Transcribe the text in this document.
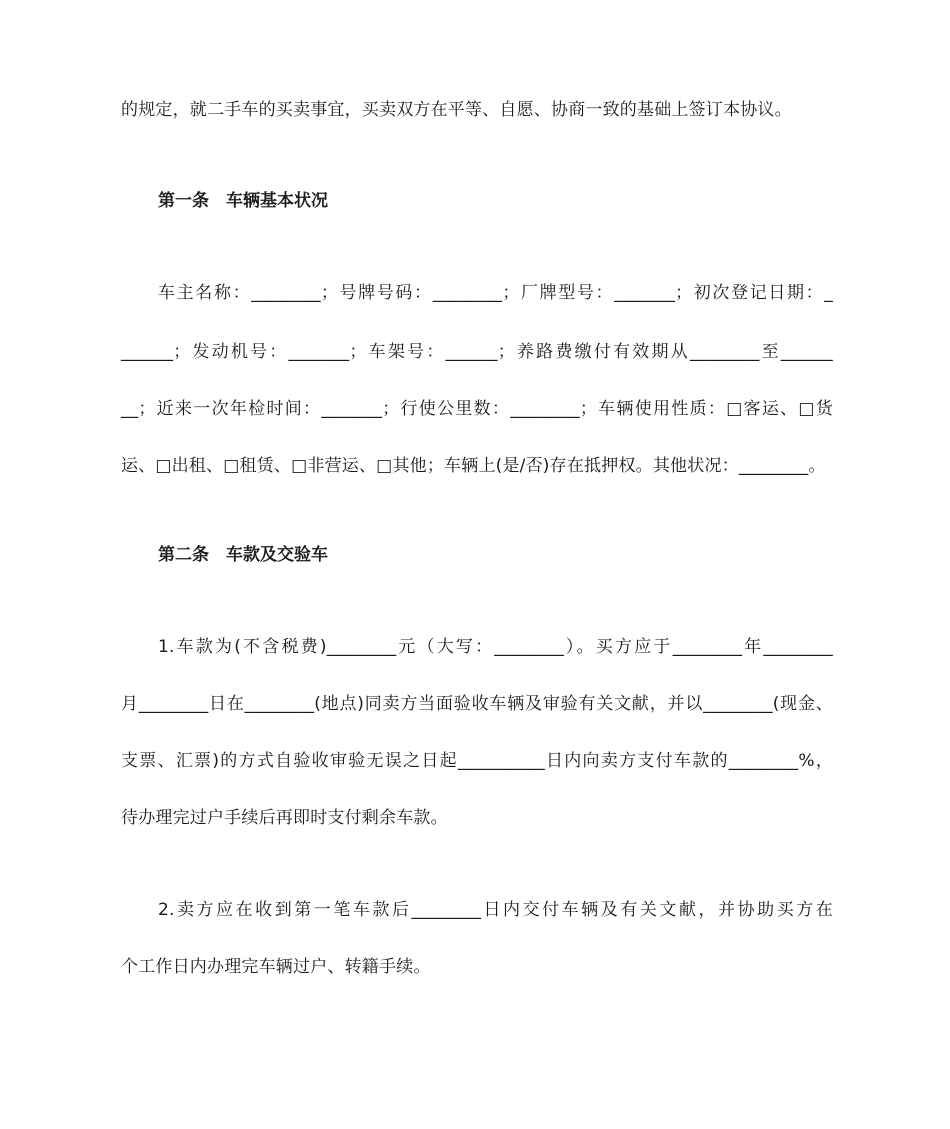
的规定，就二手车的买卖事宜，买卖双方在平等、自愿、协商一致的基础上签订本协议。
第一条　车辆基本状况
车主名称：________；号牌号码：________；厂牌型号：_______；初次登记日期：_
______；发动机号：_______；车架号：______；养路费缴付有效期从________至______
__；近来一次年检时间：_______；行使公里数：________；车辆使用性质：□客运、□货
运、□出租、□租赁、□非营运、□其他；车辆上(是/否)存在抵押权。其他状况：________。
第二条　车款及交验车
1.车款为(不含税费)________元（大写：________）。买方应于________年________
月________日在________(地点)同卖方当面验收车辆及审验有关文献，并以________(现金、
支票、汇票)的方式自验收审验无误之日起__________日内向卖方支付车款的________%，
待办理完过户手续后再即时支付剩余车款。
2.卖方应在收到第一笔车款后________日内交付车辆及有关文献，并协助买方在
个工作日内办理完车辆过户、转籍手续。
